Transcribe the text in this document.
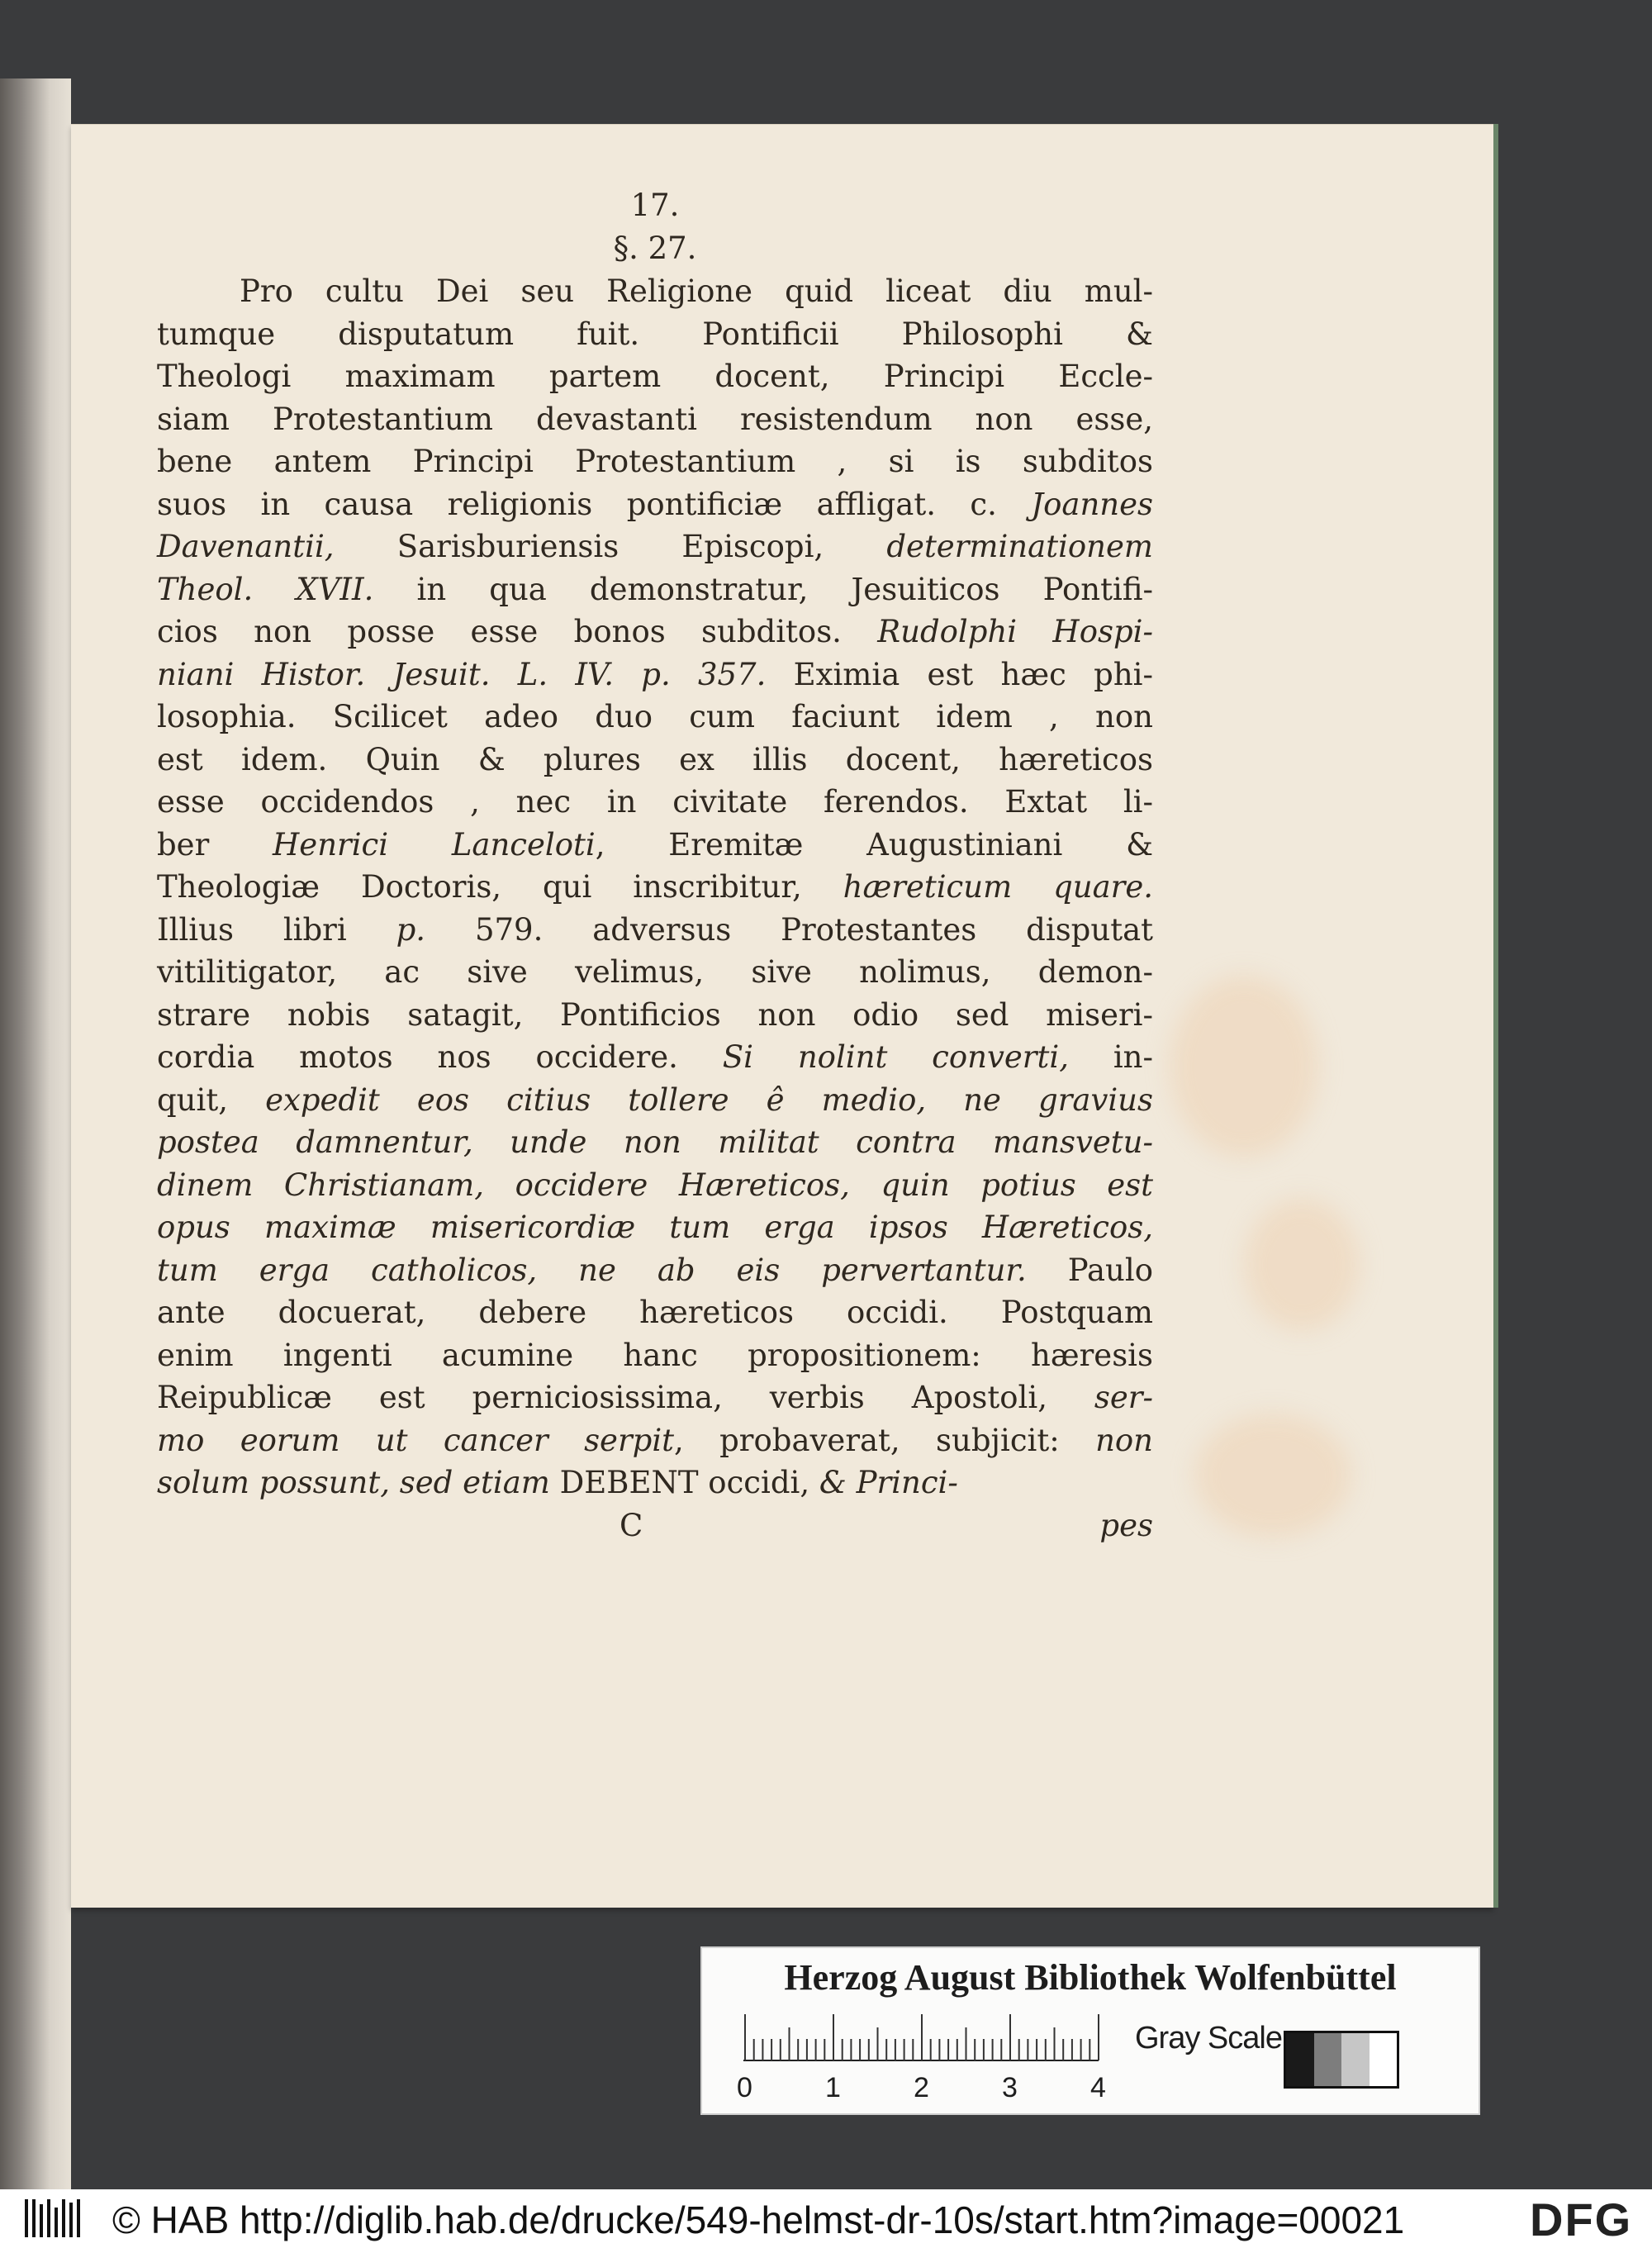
17.
§. 27.
Pro cultu Dei seu Religione quid liceat diu mul-
tumque disputatum fuit. Pontificii Philosophi &
Theologi maximam partem docent, Principi Eccle-
siam Protestantium devastanti resistendum non esse,
bene antem Principi Protestantium , si is subditos
suos in causa religionis pontificiæ affligat. c. Joannes
Davenantii, Sarisburiensis Episcopi, determinationem
Theol. XVII. in qua demonstratur, Jesuiticos Pontifi-
cios non posse esse bonos subditos. Rudolphi Hospi-
niani Histor. Jesuit. L. IV. p. 357. Eximia est hæc phi-
losophia. Scilicet adeo duo cum faciunt idem , non
est idem. Quin & plures ex illis docent, hæreticos
esse occidendos , nec in civitate ferendos. Extat li-
ber Henrici Lanceloti, Eremitæ Augustiniani &
Theologiæ Doctoris, qui inscribitur, hæreticum quare.
Illius libri p. 579. adversus Protestantes disputat
vitilitigator, ac sive velimus, sive nolimus, demon-
strare nobis satagit, Pontificios non odio sed miseri-
cordia motos nos occidere. Si nolint converti, in-
quit, expedit eos citius tollere ê medio, ne gravius
postea damnentur, unde non militat contra mansvetu-
dinem Christianam, occidere Hæreticos, quin potius est
opus maximæ misericordiæ tum erga ipsos Hæreticos,
tum erga catholicos, ne ab eis pervertantur. Paulo
ante docuerat, debere hæreticos occidi. Postquam
enim ingenti acumine hanc propositionem: hæresis
Reipublicæ est perniciosissima, verbis Apostoli, ser-
mo eorum ut cancer serpit, probaverat, subjicit: non
solum possunt, sed etiam DEBENT occidi, & Princi-
C	pes
Herzog August Bibliothek Wolfenbüttel
0	1	2	3	4
Gray Scale
© HAB http://diglib.hab.de/drucke/549-helmst-dr-10s/start.htm?image=00021	DFG
